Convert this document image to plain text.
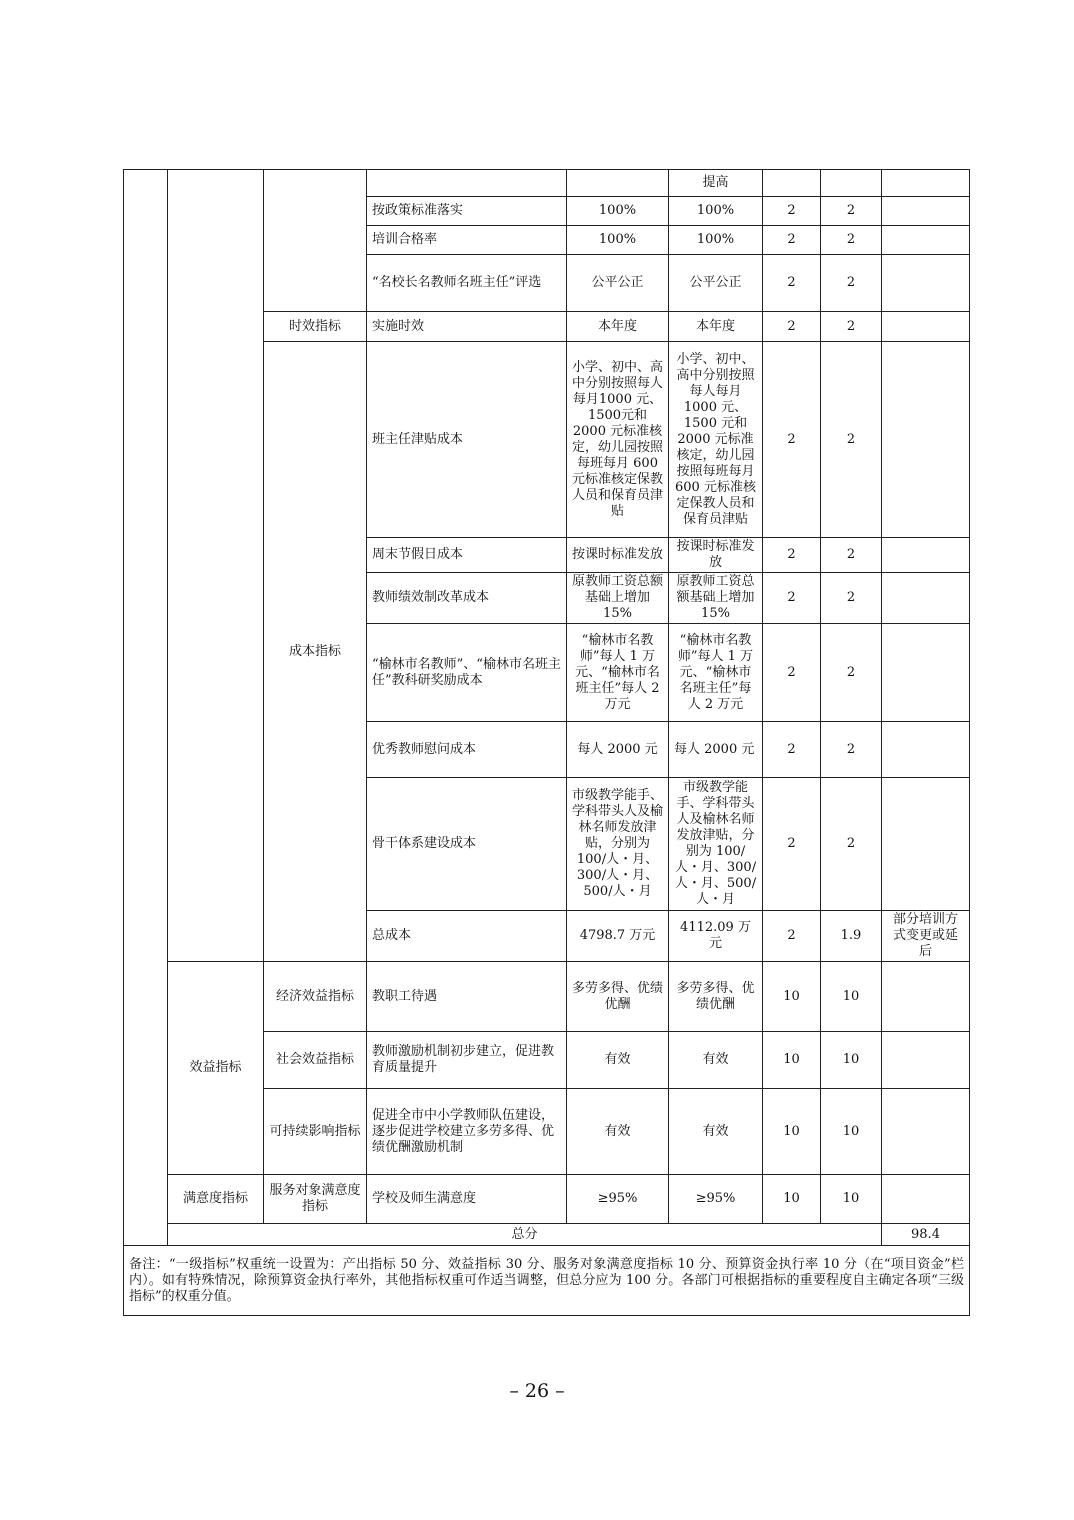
					提高				
			按政策标准落实	100%	100%	2	2		
			培训合格率	100%	100%	2	2		
			“名校长名教师名班主任”评选	公平公正	公平公正	2	2		
		时效指标	实施时效	本年度	本年度	2	2		
		成本指标	班主任津贴成本	小学、初中、高中分别按照每人每月1000 元、1500元和 2000 元标准核定，幼儿园按照每班每月 600 元标准核定保教人员和保育员津贴	小学、初中、高中分别按照每人每月 1000 元、1500 元和2000 元标准核定，幼儿园按照每班每月 600 元标准核定保教人员和保育员津贴	2	2		
			周末节假日成本	按课时标准发放	按课时标准发放	2	2		
			教师绩效制改革成本	原教师工资总额基础上增加 15%	原教师工资总额基础上增加 15%	2	2		
			“榆林市名教师”、“榆林市名班主任”教科研奖励成本	“榆林市名教师”每人 1 万元、“榆林市名班主任”每人 2 万元	“榆林市名教师”每人 1 万元、“榆林市名班主任”每人 2 万元	2	2		
			优秀教师慰问成本	每人 2000 元	每人 2000 元	2	2		
			骨干体系建设成本	市级教学能手、学科带头人及榆林名师发放津贴，分别为 100/人・月、300/人・月、500/人・月	市级教学能手、学科带头人及榆林名师发放津贴，分别为 100/人・月、300/人・月、500/人・月	2	2		
			总成本	4798.7 万元	4112.09 万元	2	1.9	部分培训方式变更或延后	
	效益指标	经济效益指标	教职工待遇	多劳多得、优绩优酬	多劳多得、优绩优酬	10	10		
		社会效益指标	教师激励机制初步建立，促进教育质量提升	有效	有效	10	10		
		可持续影响指标	促进全市中小学教师队伍建设，逐步促进学校建立多劳多得、优绩优酬激励机制	有效	有效	10	10		
	满意度指标	服务对象满意度指标	学校及师生满意度	≥95%	≥95%	10	10		
	总分							98.4	
备注：“一级指标”权重统一设置为：产出指标 50 分、效益指标 30 分、服务对象满意度指标 10 分、预算资金执行率 10 分（在“项目资金”栏内）。如有特殊情况，除预算资金执行率外，其他指标权重可作适当调整，但总分应为 100 分。各部门可根据指标的重要程度自主确定各项“三级指标”的权重分值。									
– 26 –
